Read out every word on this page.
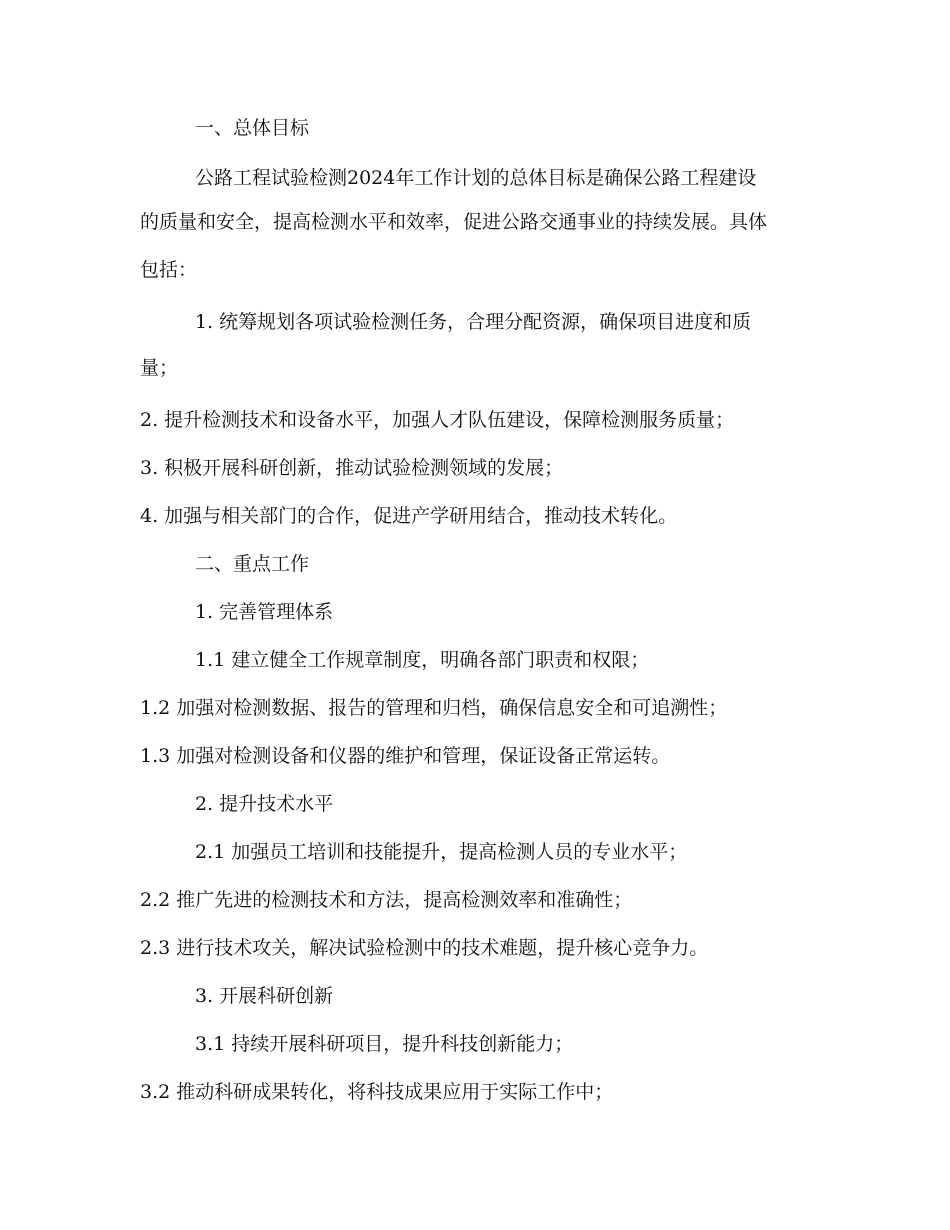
一、总体目标
公路工程试验检测2024年工作计划的总体目标是确保公路工程建设
的质量和安全，提高检测水平和效率，促进公路交通事业的持续发展。具体
包括：
1. 统筹规划各项试验检测任务，合理分配资源，确保项目进度和质
量；
2. 提升检测技术和设备水平，加强人才队伍建设，保障检测服务质量；
3. 积极开展科研创新，推动试验检测领域的发展；
4. 加强与相关部门的合作，促进产学研用结合，推动技术转化。
二、重点工作
1. 完善管理体系
1.1 建立健全工作规章制度，明确各部门职责和权限；
1.2 加强对检测数据、报告的管理和归档，确保信息安全和可追溯性；
1.3 加强对检测设备和仪器的维护和管理，保证设备正常运转。
2. 提升技术水平
2.1 加强员工培训和技能提升，提高检测人员的专业水平；
2.2 推广先进的检测技术和方法，提高检测效率和准确性；
2.3 进行技术攻关，解决试验检测中的技术难题，提升核心竞争力。
3. 开展科研创新
3.1 持续开展科研项目，提升科技创新能力；
3.2 推动科研成果转化，将科技成果应用于实际工作中；
